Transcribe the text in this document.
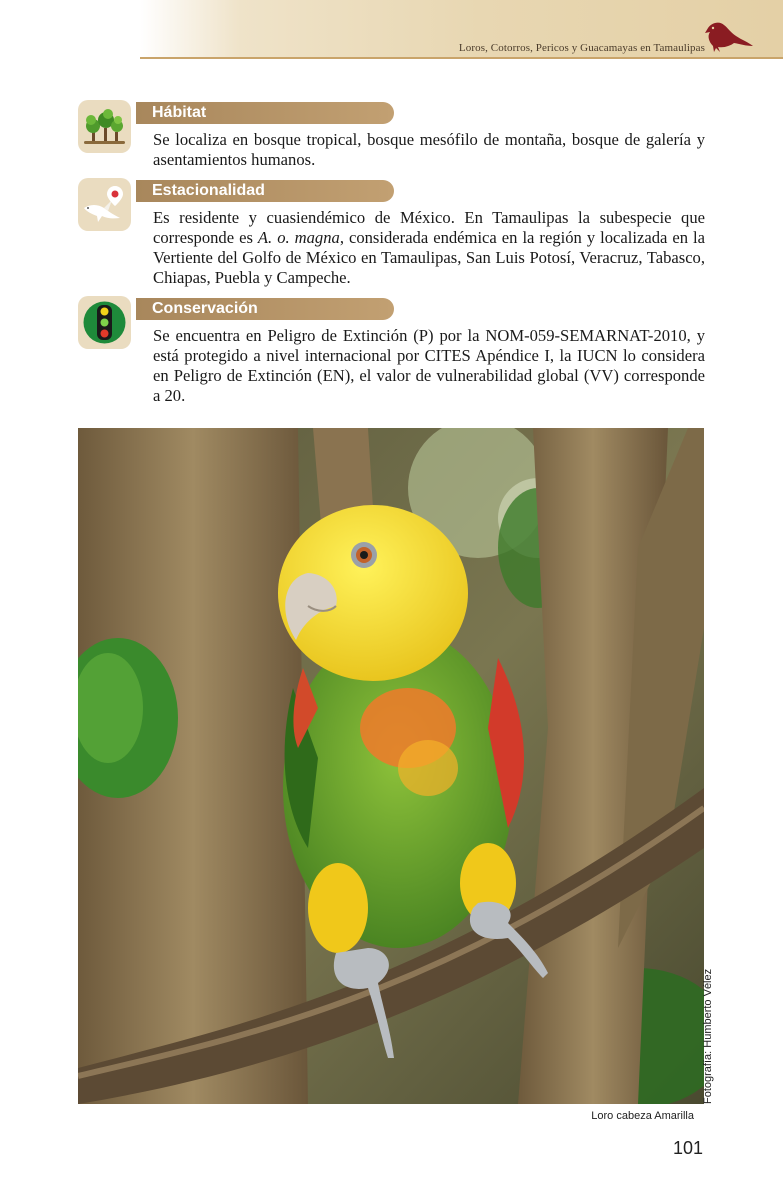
Loros, Cotorros, Pericos y Guacamayas en Tamaulipas
Hábitat
Se localiza en bosque tropical, bosque mesófilo de montaña, bosque de galería y asentamientos humanos.
Estacionalidad
Es residente y cuasiendémico de México. En Tamaulipas la subespecie que corresponde es A. o. magna, considerada endémica en la región y localizada en la Vertiente del Golfo de México en Tamaulipas, San Luis Potosí, Veracruz, Tabasco, Chiapas, Puebla y Campeche.
Conservación
Se encuentra en Peligro de Extinción (P) por la NOM-059-SEMARNAT-2010, y está protegido a nivel internacional por CITES Apéndice I, la IUCN lo considera en Peligro de Extinción (EN), el valor de vulnerabilidad global (VV) corresponde a 20.
Fotografía: Humberto Vélez
Loro cabeza Amarilla
101
